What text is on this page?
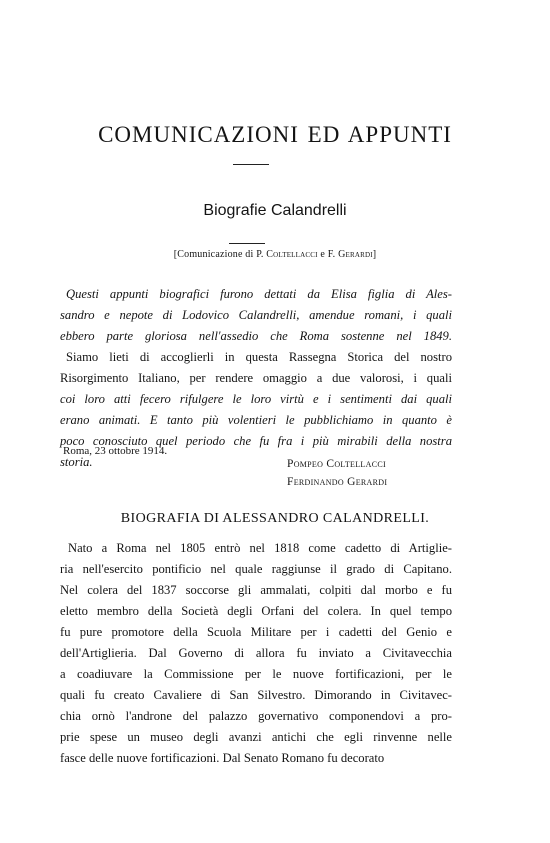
COMUNICAZIONI ED APPUNTI
Biografie Calandrelli
[Comunicazione di P. Coltellacci e F. Gerardi]
Questi appunti biografici furono dettati da Elisa figlia di Ales-
sandro e nepote di Lodovico Calandrelli, amendue romani, i quali
ebbero parte gloriosa nell'assedio che Roma sostenne nel 1849.
Siamo lieti di accoglierli in questa Rassegna Storica del nostro
Risorgimento Italiano, per rendere omaggio a due valorosi, i quali
coi loro atti fecero rifulgere le loro virtù e i sentimenti dai quali
erano animati. E tanto più volentieri le pubblichiamo in quanto è
poco conosciuto quel periodo che fu fra i più mirabili della nostra
storia.
Roma, 23 ottobre 1914.
Pompeo Coltellacci
Ferdinando Gerardi
BIOGRAFIA DI ALESSANDRO CALANDRELLI.
Nato a Roma nel 1805 entrò nel 1818 come cadetto di Artiglie-
ria nell'esercito pontificio nel quale raggiunse il grado di Capitano.
Nel colera del 1837 soccorse gli ammalati, colpiti dal morbo e fu
eletto membro della Società degli Orfani del colera. In quel tempo
fu pure promotore della Scuola Militare per i cadetti del Genio e
dell'Artiglieria. Dal Governo di allora fu inviato a Civitavecchia
a coadiuvare la Commissione per le nuove fortificazioni, per le
quali fu creato Cavaliere di San Silvestro. Dimorando in Civitavec-
chia ornò l'androne del palazzo governativo componendovi a pro-
prie spese un museo degli avanzi antichi che egli rinvenne nelle
fasce delle nuove fortificazioni. Dal Senato Romano fu decorato
